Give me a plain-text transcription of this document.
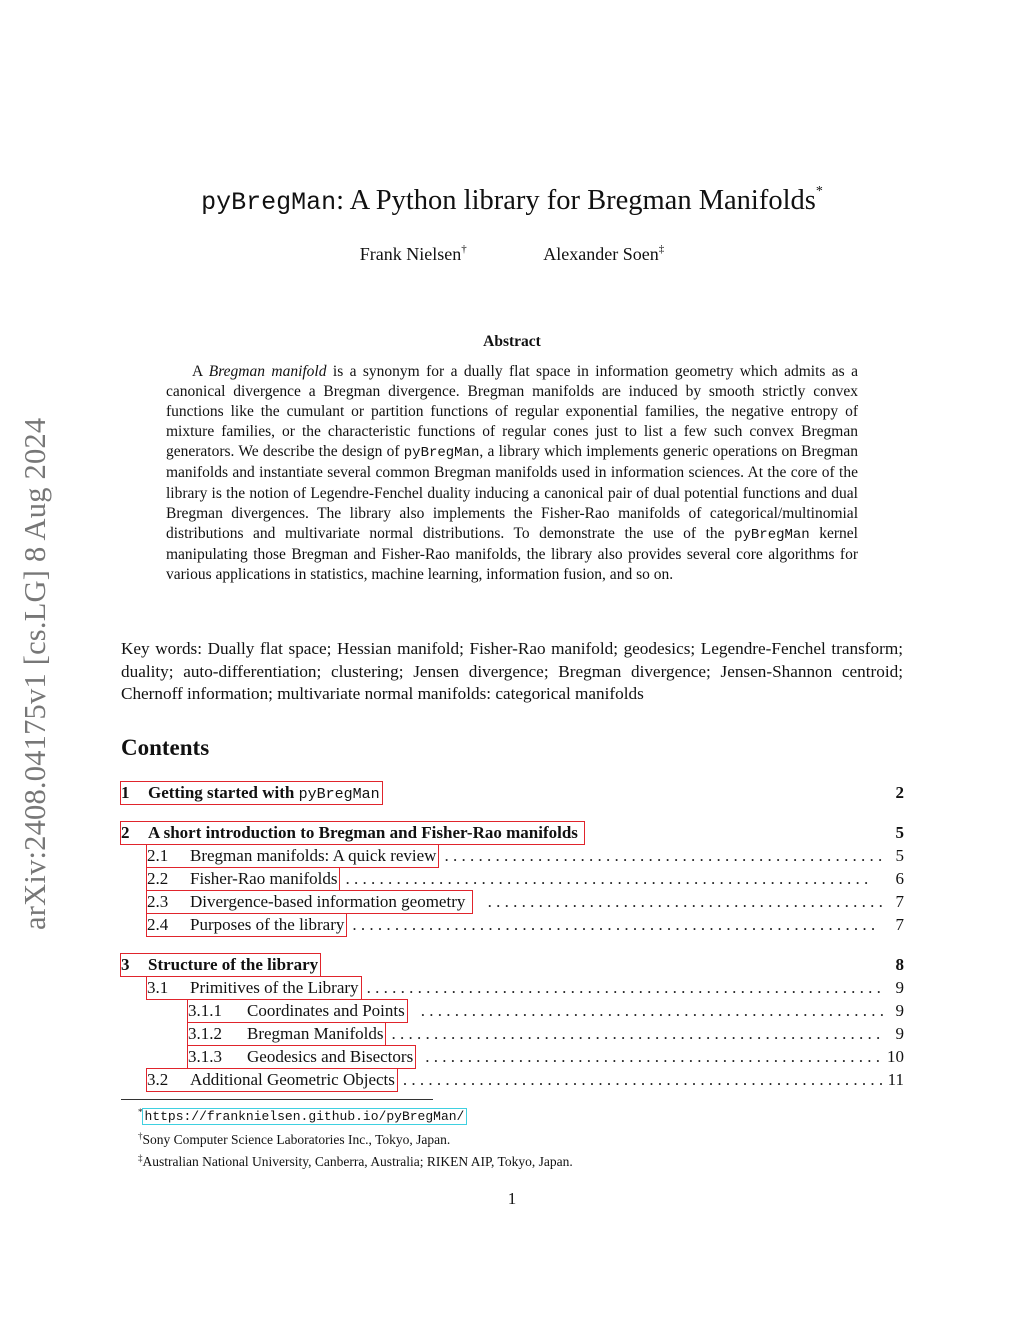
arXiv:2408.04175v1 [cs.LG] 8 Aug 2024
pyBregMan: A Python library for Bregman Manifolds*
Frank Nielsen†	Alexander Soen‡
Abstract
A Bregman manifold is a synonym for a dually flat space in information geometry which admits as a canonical divergence a Bregman divergence. Bregman manifolds are induced by smooth strictly convex functions like the cumulant or partition functions of regular exponential families, the negative entropy of mixture families, or the characteristic functions of regular cones just to list a few such convex Bregman generators. We describe the design of pyBregMan, a library which implements generic operations on Bregman manifolds and instantiate several common Bregman manifolds used in information sciences. At the core of the library is the notion of Legendre-Fenchel duality inducing a canonical pair of dual potential functions and dual Bregman divergences. The library also implements the Fisher-Rao manifolds of categorical/multinomial distributions and multivariate normal distributions. To demonstrate the use of the pyBregMan kernel manipulating those Bregman and Fisher-Rao manifolds, the library also provides several core algorithms for various applications in statistics, machine learning, information fusion, and so on.
Key words: Dually flat space; Hessian manifold; Fisher-Rao manifold; geodesics; Legendre-Fenchel transform; duality; auto-differentiation; clustering; Jensen divergence; Bregman divergence; Jensen-Shannon centroid; Chernoff information; multivariate normal manifolds: categorical manifolds
Contents
1 Getting started with pyBregMan	2
2 A short introduction to Bregman and Fisher-Rao manifolds	5
2.1 Bregman manifolds: A quick review . . .	5
2.2 Fisher-Rao manifolds . . .	6
2.3 Divergence-based information geometry . . .	7
2.4 Purposes of the library . . .	7
3 Structure of the library	8
3.1 Primitives of the Library . . .	9
3.1.1 Coordinates and Points . . .	9
3.1.2 Bregman Manifolds . . .	9
3.1.3 Geodesics and Bisectors . . .	10
3.2 Additional Geometric Objects . . .	11
* https://franknielsen.github.io/pyBregMan/
†Sony Computer Science Laboratories Inc., Tokyo, Japan.
‡Australian National University, Canberra, Australia; RIKEN AIP, Tokyo, Japan.
1
